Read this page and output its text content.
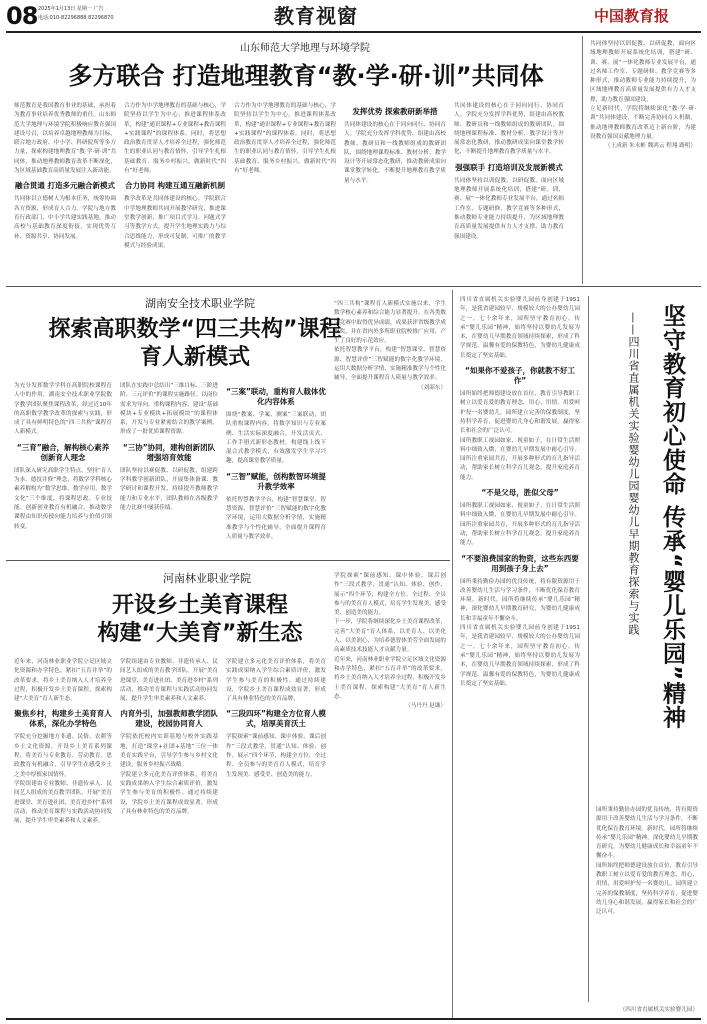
08 2025年1月13日 星期一 广告
电话:010-82296888 82296870	教育视窗	中国教育报
山东师范大学地理与环境学院
多方联合 打造地理教育“教·学·研·训”共同体
师范教育是我国教育事业的基础，承担着为教育事业培养优秀教师的重任。山东师范大学地理与环境学院积极响应教育强国建设号召，以培养卓越地理教师为目标，联合地方政府、中小学、科研院所等多方力量，探索构建地理教育“教·学·研·训”共同体，推动地理教师教育改革不断深化，为区域基础教育高质量发展注入新动能。
融合贯通 打造多元融合新模式
共同体以立德树人为根本任务，统筹协调各方资源，形成育人合力。学院与地方教育行政部门、中小学共建实践基地，推动高校与基础教育深度衔接，实现优势互补、资源共享、协同发展。
合力作为中学地理教育的基础与核心，学院坚持以学生为中心，推进课程体系改革，构建“通识课程+专业课程+教育课程+实践课程”的课程体系。同时，将思想政治教育贯穿人才培养全过程，强化师范生的职业认同与教育情怀，引导学生扎根基础教育、服务乡村振兴，做新时代“四有”好老师。
合力协同 构建互通互融新机制
教学改革是共同体建设的核心。学院联合中学地理教师共同开展教学研究，推进课堂教学创新，推广项目式学习、问题式学习等教学方式，提升学生地理实践力与综合思维能力，形成可复制、可推广的教学模式与经验成果。
合力作为中学地理教育的基础与核心，学院坚持以学生为中心，推进课程体系改革，构建“通识课程+专业课程+教育课程+实践课程”的课程体系。同时，将思想政治教育贯穿人才培养全过程，强化师范生的职业认同与教育情怀，引导学生扎根基础教育、服务乡村振兴，做新时代“四有”好老师。
发挥优势 探索教研新举措
共同体建设的核心在于同向同行、协同育人。学院充分发挥学科优势，组建由高校教师、教研员和一线教师组成的教研团队，围绕地理课程标准、教材分析、教学设计等开展常态化教研，推动教研成果向课堂教学转化，不断提升地理教育教学质量与水平。
共同体建设的核心在于同向同行、协同育人。学院充分发挥学科优势，组建由高校教师、教研员和一线教师组成的教研团队，围绕地理课程标准、教材分析、教学设计等开展常态化教研，推动教研成果向课堂教学转化，不断提升地理教育教学质量与水平。
强强联手 打造培训及发展新模式
共同体坚持以训促教、以研促教，面向区域地理教师开展系统化培训，搭建“研、训、赛、展”一体化教师专业发展平台，通过名师工作室、专题研修、教学竞赛等多种形式，推动教师专业能力持续提升，为区域地理教育高质量发展提供有力人才支撑，助力教育强国建设。
共同体坚持以训促教、以研促教，面向区域地理教师开展系统化培训，搭建“研、训、赛、展”一体化教师专业发展平台，通过名师工作室、专题研修、教学竞赛等多种形式，推动教师专业能力持续提升，为区域地理教育高质量发展提供有力人才支撑，助力教育强国建设。
立足新时代，学院将继续深化“教·学·研·训”共同体建设，不断完善协同育人机制，推动地理教师教育改革迈上新台阶，为建设教育强国贡献地理力量。
（王成新 朱永彬 魏鸿云 程翔 路明）
湖南安全技术职业学院
探索高职数学“四三共构”课程
育人新模式
为充分发挥数学学科在高职院校课程育人中的作用，湖南安全技术职业学院数学教学团队聚焦课程改革，经过近10年的高职数学教学改革的探索与实践，形成了具有鲜明特色的“四三共构”课程育人新模式。
“三育”融合，解构核心素养创新育人理念
团队深入研究高职学生特点，坚持“育人为本、德技并修”理念，将数学学科核心素养解构为“数学思维、数学应用、数学文化”三个维度，将课程思政、专业技能、创新创业教育有机融合，推动数学课程由知识传授向能力培养与价值引领转变。
团队在实践中总结出“三维目标、三阶进阶、三元评价”的课程实施路径。以岗位需求为导向，重构课程内容，建设“基础模块+专业模块+拓展模块”的课程体系，开发与专业紧密结合的教学案例，形成了一批优质课程资源。
“三协”协同，建构创新团队增强培育效能
团队坚持以赛促教、以研促教，组建跨学科教学创新团队，开展集体备课、教学研讨和课程开发，持续提升教师教学能力和专业水平，团队教师在各级教学能力比赛中屡获佳绩。
“三案”联动，重构育人载体优化内容体系
围绕“教案、学案、测案”三案联动，团队重构课程内容，将数学知识与专业案例、生活实际深度融合，开发活页式、工作手册式新形态教材，构建线上线下混合式教学模式，有效激发学生学习兴趣，提高课堂教学质量。
“三智”赋能，创构数智环境提升教学效率
依托智慧教学平台，构建“智慧课堂、智慧资源、智慧评价”三智赋能的数字化教学环境，运用大数据分析学情，实施精准教学与个性化辅导，全面提升课程育人质量与教学效率。
“四三共构”课程育人新模式实施以来，学生数学核心素养和综合能力显著提升，在各类数学竞赛中取得优异成绩，成果获评省级教学成果奖，并在省内外多所职业院校推广应用，产生了良好的示范效应。
依托智慧教学平台，构建“智慧课堂、智慧资源、智慧评价”三智赋能的数字化教学环境，运用大数据分析学情，实施精准教学与个性化辅导，全面提升课程育人质量与教学效率。
（刘韶东）
河南林业职业学院
开设乡土美育课程
构建“大美育”新生态
近年来，河南林业职业学院立足区域文化资源和办学特色，紧扣“五育并举”的改革要求，将乡土美育纳入人才培养全过程，积极开发乡土美育课程，探索构建“大美育”育人新生态。
聚焦乡村，构建乡土美育育人体系，深化办学特色
学院充分挖掘地方非遗、民俗、农耕等乡土文化资源，开设乡土美育系列课程，将美育与专业教育、劳动教育、思政教育有机融合，引导学生在感受乡土之美中厚植家国情怀。
学院组建由专业教师、非遗传承人、民间艺人组成的美育教学团队，开展“美育进课堂、美育进社团、美育进乡村”系列活动，推动美育课程与实践活动协同发展，提升学生审美素养和人文素养。
学院组建由专业教师、非遗传承人、民间艺人组成的美育教学团队，开展“美育进课堂、美育进社团、美育进乡村”系列活动，推动美育课程与实践活动协同发展，提升学生审美素养和人文素养。
内育外引，加强教师教学团队建设，校园协同育人
学院依托校内实训基地与校外实践基地，打造“课堂+社团+基地”三位一体美育实践平台，引导学生参与乡村文化建设，服务乡村振兴战略。
学院建立多元化美育评价体系，将美育实践成果纳入学生综合素质评价，激发学生参与美育的积极性。通过持续建设，学院乡土美育课程成效显著，形成了具有林业特色的美育品牌。
学院建立多元化美育评价体系，将美育实践成果纳入学生综合素质评价，激发学生参与美育的积极性。通过持续建设，学院乡土美育课程成效显著，形成了具有林业特色的美育品牌。
“三段四环”构建全方位育人模式，培厚美育沃土
学院探索“课前感知、课中体验、课后创作”三段式教学，贯通“认知、体验、创作、展示”四个环节，构建全方位、全过程、全员参与的美育育人模式，培育学生发现美、感受美、创造美的能力。
学院探索“课前感知、课中体验、课后创作”三段式教学，贯通“认知、体验、创作、展示”四个环节，构建全方位、全过程、全员参与的美育育人模式，培育学生发现美、感受美、创造美的能力。
下一步，学院将继续深化乡土美育课程改革，完善“大美育”育人体系，以美育人、以美化人、以美润心，为培养德智体美劳全面发展的高素质技术技能人才贡献力量。
近年来，河南林业职业学院立足区域文化资源和办学特色，紧扣“五育并举”的改革要求，将乡土美育纳入人才培养全过程，积极开发乡土美育课程，探索构建“大美育”育人新生态。
（马丹丹 赵谦）
四川省直属机关实验婴儿园前身创建于1951年，是我省建园较早、规模较大的公办婴幼儿园之一。七十余年来，园所坚守教育初心，传承“婴儿乐园”精神，始终坚持以婴幼儿发展为本，在婴幼儿早期教育领域持续探索，形成了科学规范、温馨有爱的保教特色，为婴幼儿健康成长奠定了坚实基础。
“如果你不爱孩子，你就教不好工作”
园所始终把师德建设放在首位，教育引导教职工树立以爱育爱的教育理念，用心、用情、用爱呵护每一名婴幼儿。园所建立完善的保教制度，坚持科学养育，促进婴幼儿身心和谐发展，赢得家长和社会的广泛认可。
园所教职工视园如家、视童如子，在日常生活照料中细致入微，在婴幼儿早期发展中耐心引导。园所注重家园共育，开展多种形式的育儿指导活动，帮助家长树立科学育儿观念，提升家庭养育能力。
“不是父母，胜似父母”
园所教职工视园如家、视童如子，在日常生活照料中细致入微，在婴幼儿早期发展中耐心引导。园所注重家园共育，开展多种形式的育儿指导活动，帮助家长树立科学育儿观念，提升家庭养育能力。
“不要浪费国家的物资，这些东西要用到孩子身上去”
园所秉持勤俭办园的优良传统，将有限资源用于改善婴幼儿生活与学习条件，不断优化保育教育环境。新时代，园所将继续传承“婴儿乐园”精神，深化婴幼儿早期教育研究，为婴幼儿健康成长和幸福童年不懈奋斗。
四川省直属机关实验婴儿园前身创建于1951年，是我省建园较早、规模较大的公办婴幼儿园之一。七十余年来，园所坚守教育初心，传承“婴儿乐园”精神，始终坚持以婴幼儿发展为本，在婴幼儿早期教育领域持续探索，形成了科学规范、温馨有爱的保教特色，为婴幼儿健康成长奠定了坚实基础。
（四川省直属机关实验婴儿园）
坚守教育初心使命 传承“婴儿乐园”精神
——四川省直属机关实验婴幼儿园婴幼儿早期教育探索与实践
园所秉持勤俭办园的优良传统，将有限资源用于改善婴幼儿生活与学习条件，不断优化保育教育环境。新时代，园所将继续传承“婴儿乐园”精神，深化婴幼儿早期教育研究，为婴幼儿健康成长和幸福童年不懈奋斗。
园所始终把师德建设放在首位，教育引导教职工树立以爱育爱的教育理念，用心、用情、用爱呵护每一名婴幼儿。园所建立完善的保教制度，坚持科学养育，促进婴幼儿身心和谐发展，赢得家长和社会的广泛认可。
